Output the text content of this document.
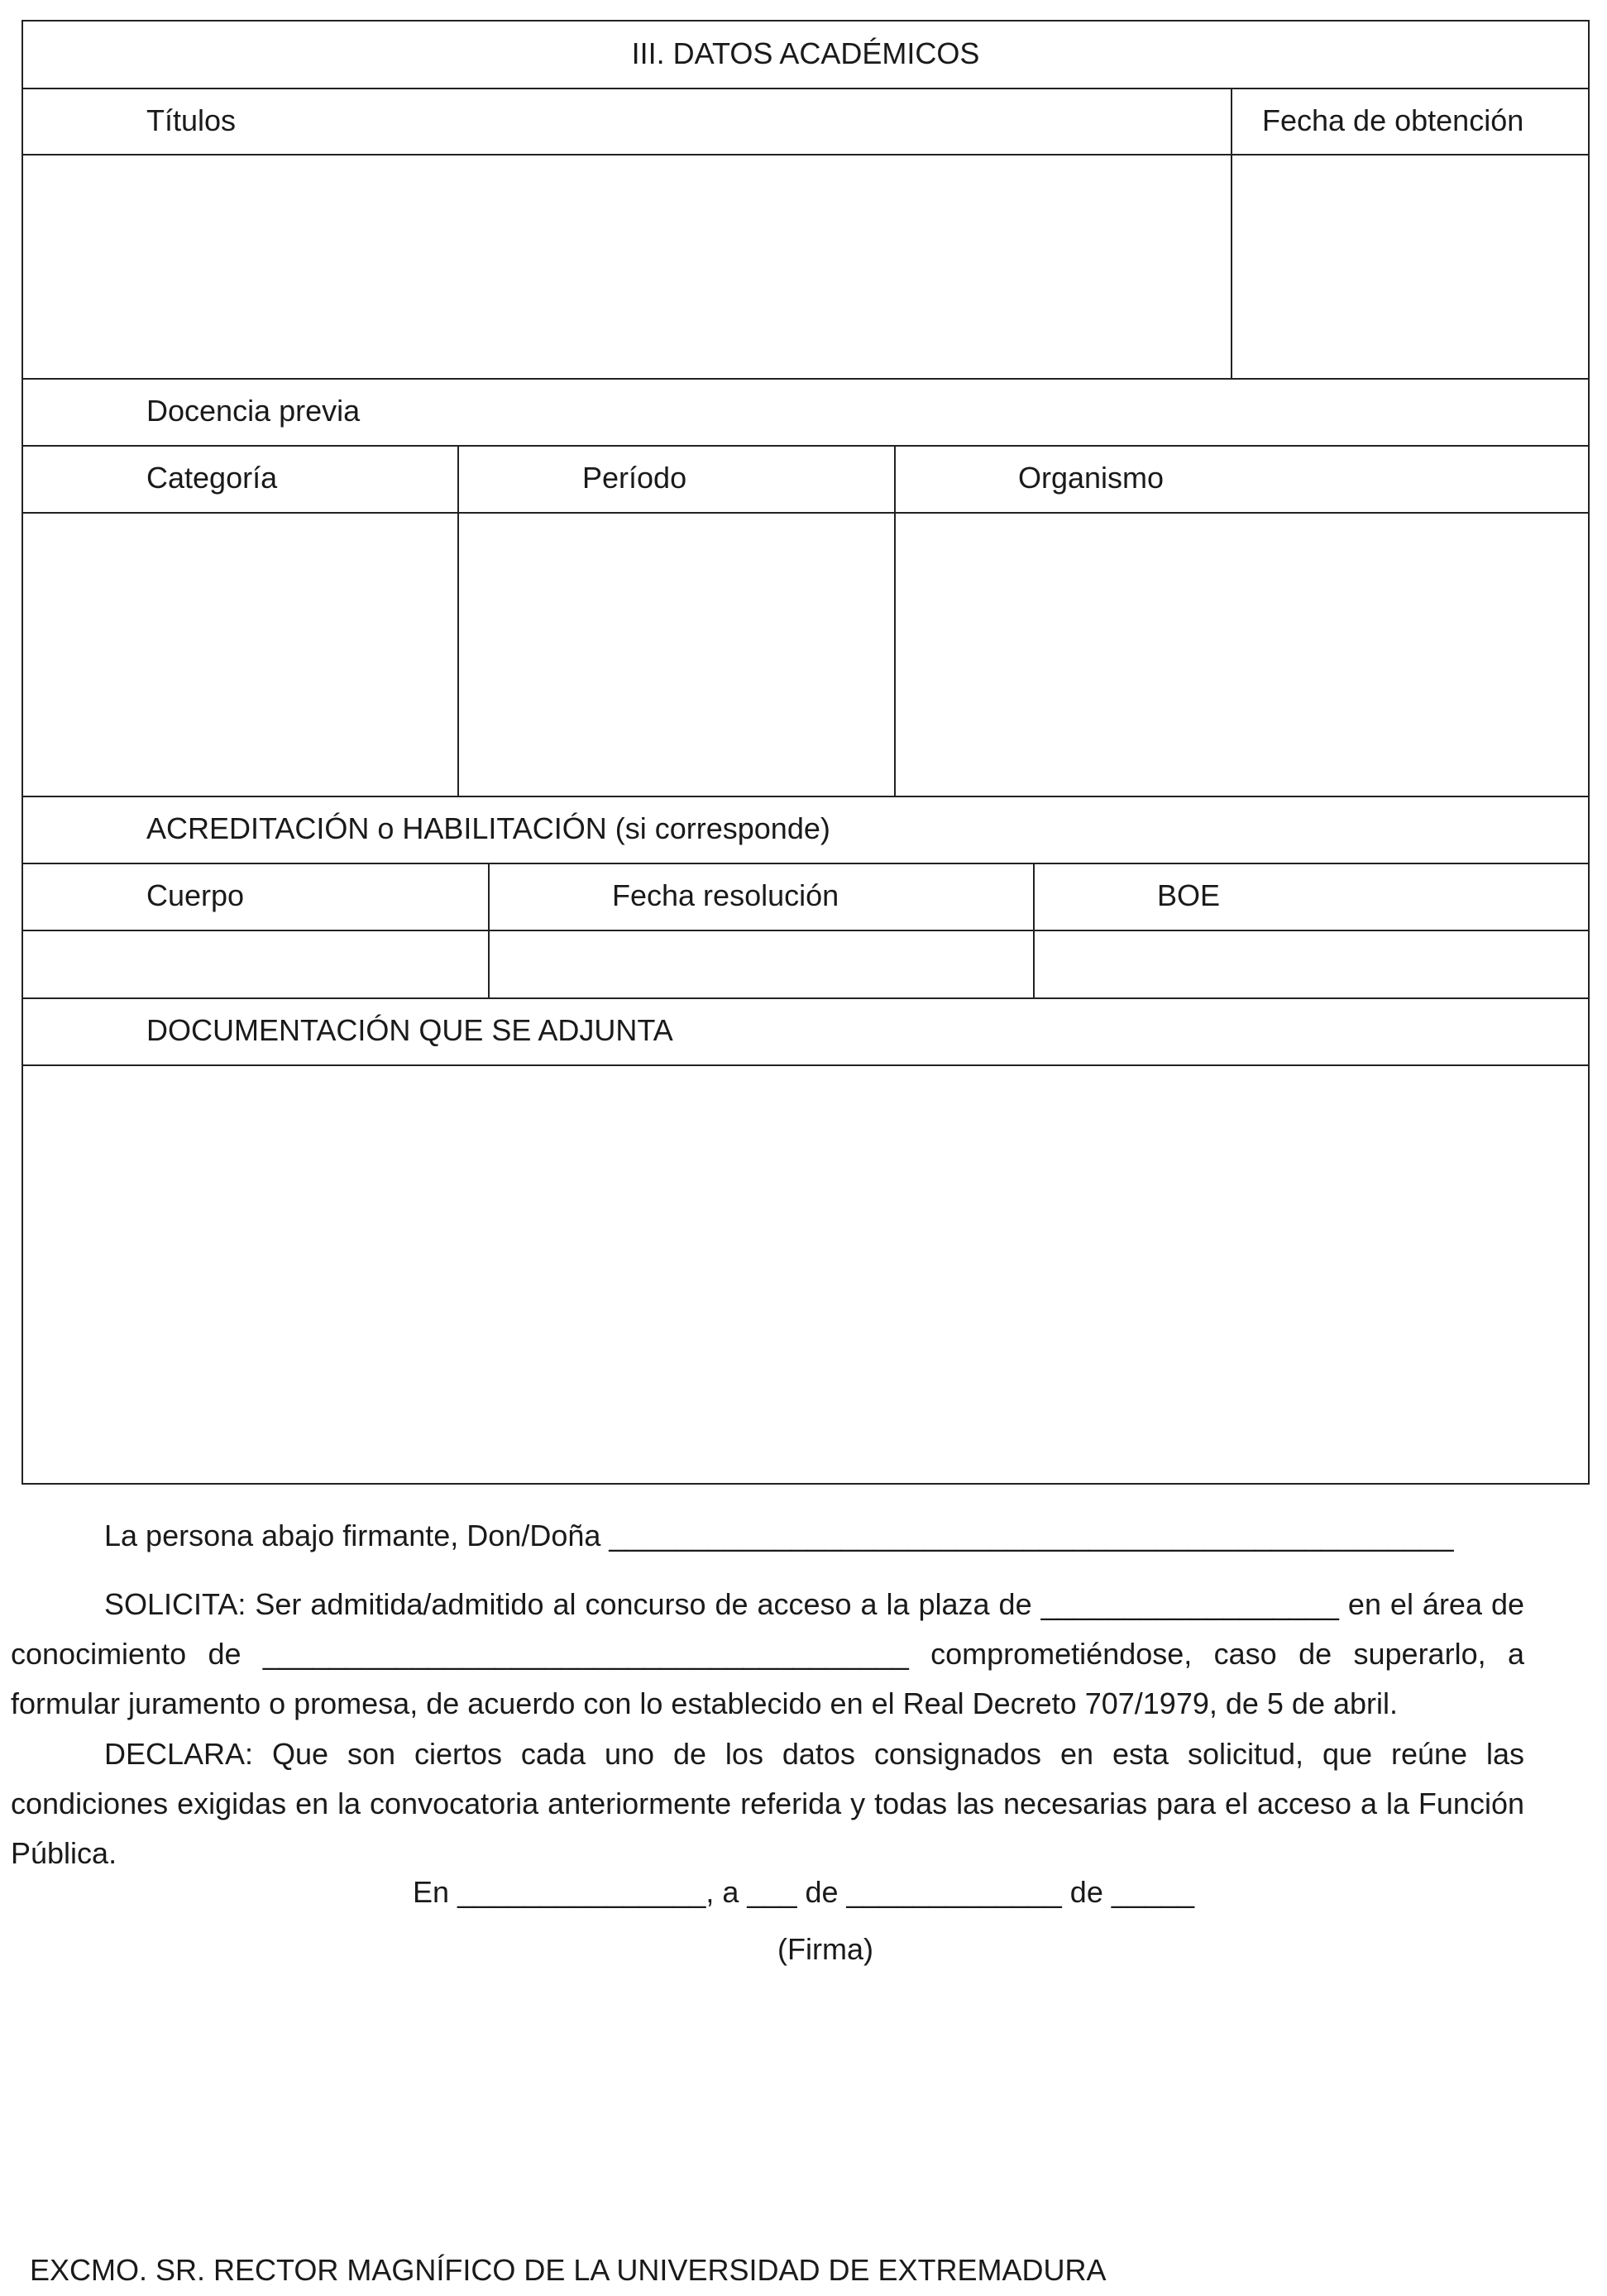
III. DATOS ACADÉMICOS
Títulos	Fecha de obtención
Docencia previa
Categoría	Período	Organismo
ACREDITACIÓN o HABILITACIÓN (si corresponde)
Cuerpo	Fecha resolución	BOE
DOCUMENTACIÓN QUE SE ADJUNTA
La persona abajo firmante, Don/Doña ___________________________________________________
SOLICITA: Ser admitida/admitido al concurso de acceso a la plaza de __________________ en el área de conocimiento de _______________________________________ comprometiéndose, caso de superarlo, a formular juramento o promesa, de acuerdo con lo establecido en el Real Decreto 707/1979, de 5 de abril.
DECLARA: Que son ciertos cada uno de los datos consignados en esta solicitud, que reúne las condiciones exigidas en la convocatoria anteriormente referida y todas las necesarias para el acceso a la Función Pública.
En _______________, a ___ de _____________ de _____
(Firma)
EXCMO. SR. RECTOR MAGNÍFICO DE LA UNIVERSIDAD DE EXTREMADURA
